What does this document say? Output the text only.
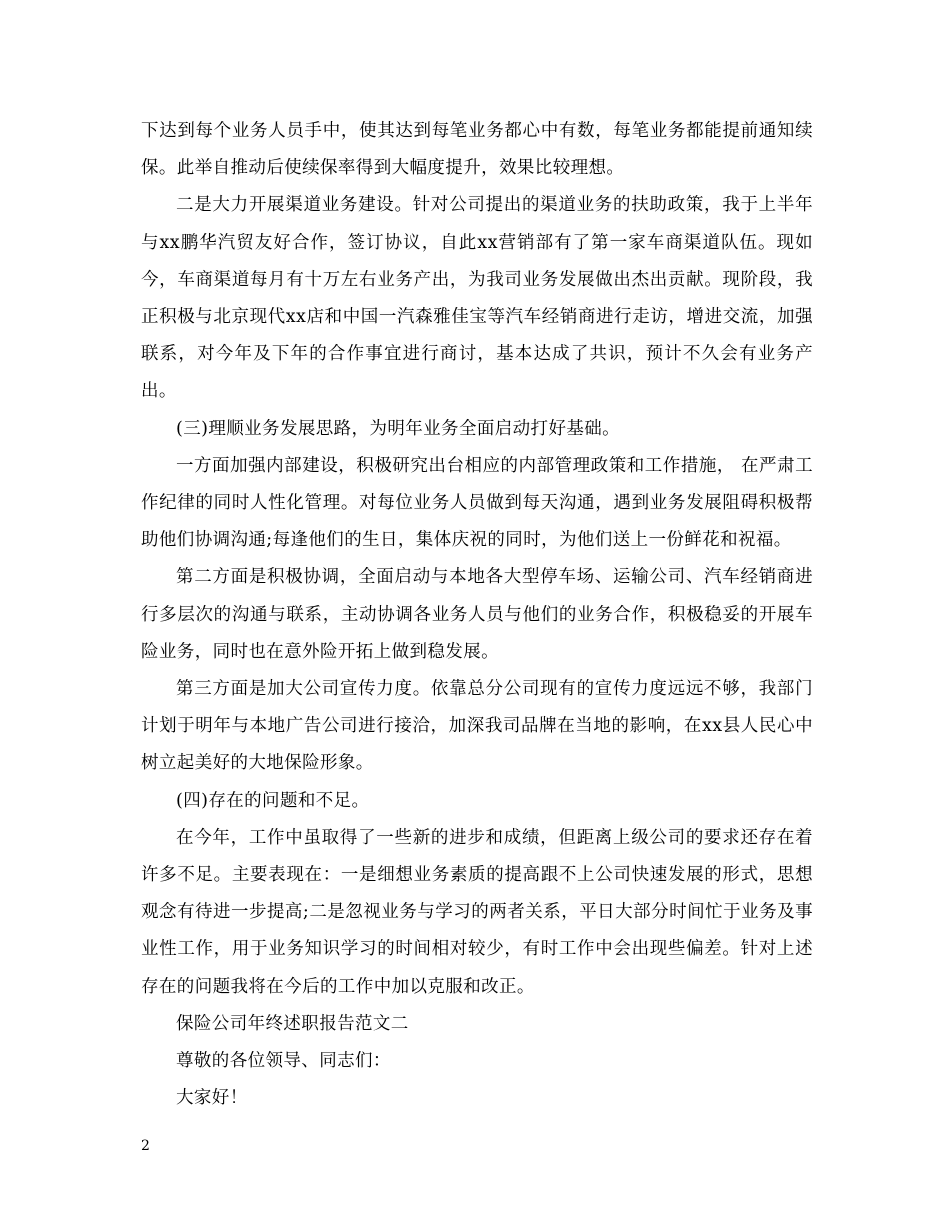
下达到每个业务人员手中，使其达到每笔业务都心中有数，每笔业务都能提前通知续保。此举自推动后使续保率得到大幅度提升，效果比较理想。

二是大力开展渠道业务建设。针对公司提出的渠道业务的扶助政策，我于上半年与xx鹏华汽贸友好合作，签订协议，自此xx营销部有了第一家车商渠道队伍。现如今，车商渠道每月有十万左右业务产出，为我司业务发展做出杰出贡献。现阶段，我正积极与北京现代xx店和中国一汽森雅佳宝等汽车经销商进行走访，增进交流，加强联系，对今年及下年的合作事宜进行商讨，基本达成了共识，预计不久会有业务产出。

(三)理顺业务发展思路，为明年业务全面启动打好基础。

一方面加强内部建设，积极研究出台相应的内部管理政策和工作措施， 在严肃工作纪律的同时人性化管理。对每位业务人员做到每天沟通，遇到业务发展阻碍积极帮助他们协调沟通;每逢他们的生日，集体庆祝的同时，为他们送上一份鲜花和祝福。

第二方面是积极协调，全面启动与本地各大型停车场、运输公司、汽车经销商进行多层次的沟通与联系，主动协调各业务人员与他们的业务合作，积极稳妥的开展车险业务，同时也在意外险开拓上做到稳发展。

第三方面是加大公司宣传力度。依靠总分公司现有的宣传力度远远不够，我部门计划于明年与本地广告公司进行接洽，加深我司品牌在当地的影响，在xx县人民心中树立起美好的大地保险形象。

(四)存在的问题和不足。

在今年，工作中虽取得了一些新的进步和成绩，但距离上级公司的要求还存在着许多不足。主要表现在：一是细想业务素质的提高跟不上公司快速发展的形式，思想观念有待进一步提高;二是忽视业务与学习的两者关系，平日大部分时间忙于业务及事业性工作，用于业务知识学习的时间相对较少，有时工作中会出现些偏差。针对上述存在的问题我将在今后的工作中加以克服和改正。

保险公司年终述职报告范文二

尊敬的各位领导、同志们：

大家好！

2
